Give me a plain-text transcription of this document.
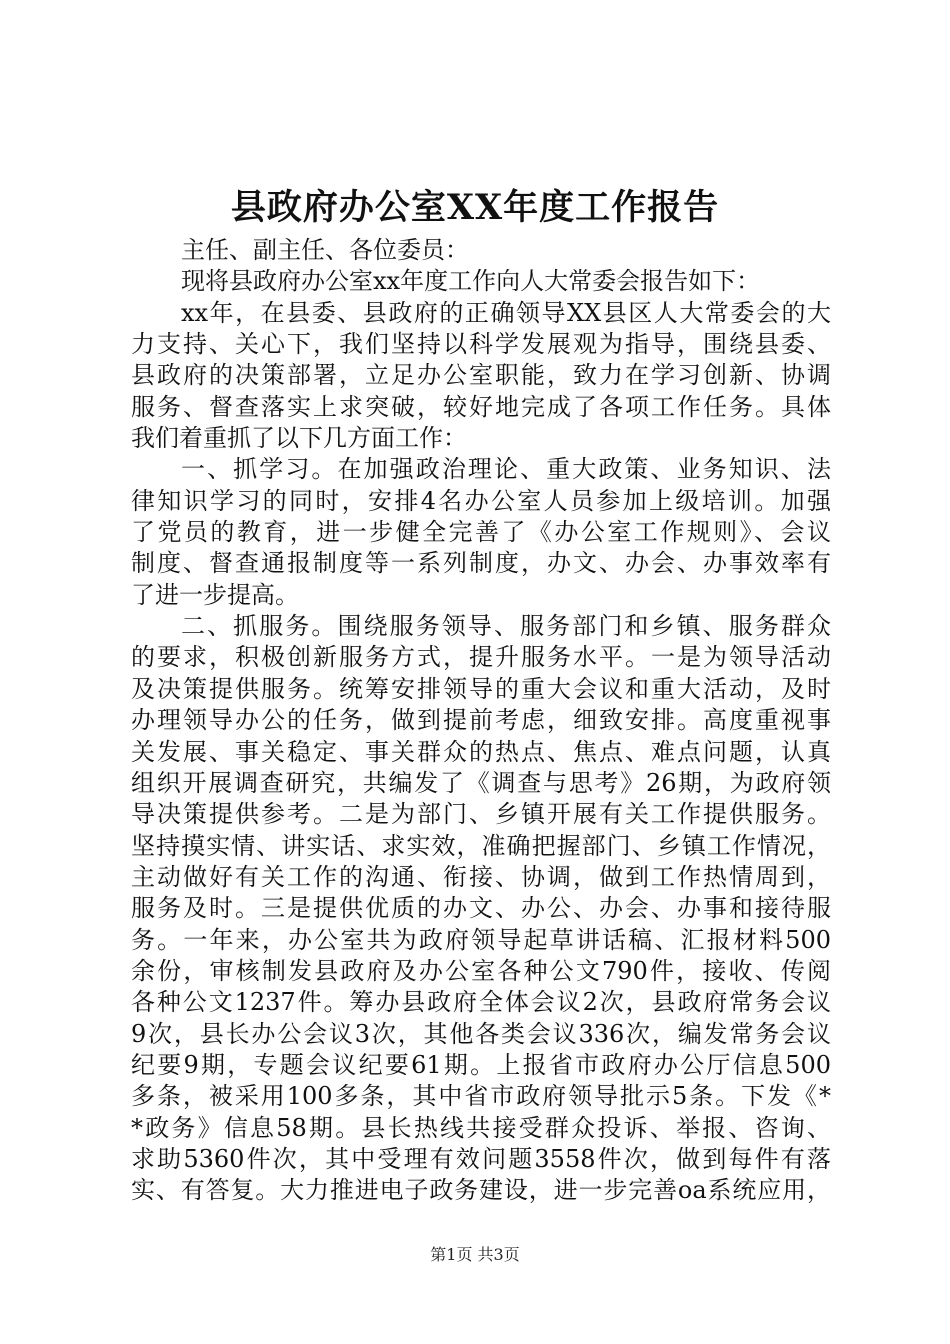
县政府办公室XX年度工作报告
主任、副主任、各位委员：
现将县政府办公室xx年度工作向人大常委会报告如下：
xx年，在县委、县政府的正确领导XX县区人大常委会的大
力支持、关心下，我们坚持以科学发展观为指导，围绕县委、
县政府的决策部署，立足办公室职能，致力在学习创新、协调
服务、督查落实上求突破，较好地完成了各项工作任务。具体
我们着重抓了以下几方面工作：
一、抓学习。在加强政治理论、重大政策、业务知识、法
律知识学习的同时，安排4名办公室人员参加上级培训。加强
了党员的教育，进一步健全完善了《办公室工作规则》、会议
制度、督查通报制度等一系列制度，办文、办会、办事效率有
了进一步提高。
二、抓服务。围绕服务领导、服务部门和乡镇、服务群众
的要求，积极创新服务方式，提升服务水平。一是为领导活动
及决策提供服务。统筹安排领导的重大会议和重大活动，及时
办理领导办公的任务，做到提前考虑，细致安排。高度重视事
关发展、事关稳定、事关群众的热点、焦点、难点问题，认真
组织开展调查研究，共编发了《调查与思考》26期，为政府领
导决策提供参考。二是为部门、乡镇开展有关工作提供服务。
坚持摸实情、讲实话、求实效，准确把握部门、乡镇工作情况，
主动做好有关工作的沟通、衔接、协调，做到工作热情周到，
服务及时。三是提供优质的办文、办公、办会、办事和接待服
务。一年来，办公室共为政府领导起草讲话稿、汇报材料500
余份，审核制发县政府及办公室各种公文790件，接收、传阅
各种公文1237件。筹办县政府全体会议2次，县政府常务会议
9次，县长办公会议3次，其他各类会议336次，编发常务会议
纪要9期，专题会议纪要61期。上报省市政府办公厅信息500
多条，被采用100多条，其中省市政府领导批示5条。下发《*
*政务》信息58期。县长热线共接受群众投诉、举报、咨询、
求助5360件次，其中受理有效问题3558件次，做到每件有落
实、有答复。大力推进电子政务建设，进一步完善oa系统应用，
第1页 共3页
